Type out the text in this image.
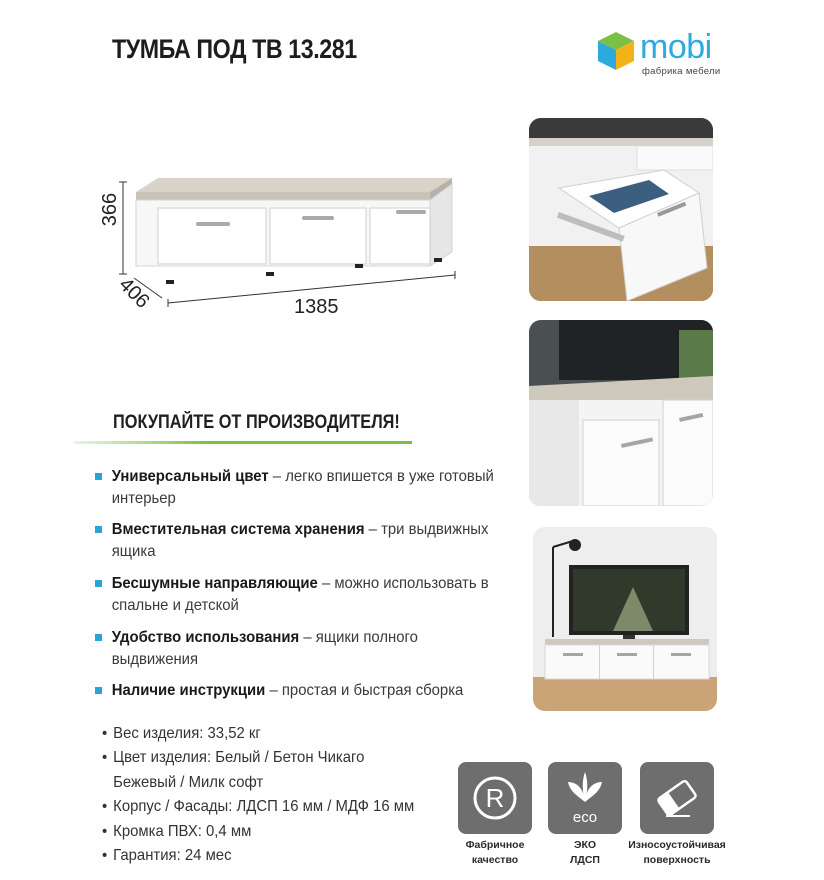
ТУМБА ПОД ТВ 13.281	mobi
фабрика мебели
366
406	1385
ПОКУПАЙТЕ ОТ ПРОИЗВОДИТЕЛЯ!
Универсальный цвет – легко впишется в уже готовый интерьер
Вместительная система хранения – три выдвижных ящика
Бесшумные направляющие – можно использовать в спальне и детской
Удобство использования – ящики полного выдвижения
Наличие инструкции – простая и быстрая сборка
• Вес изделия: 33,52 кг
• Цвет изделия: Белый / Бетон Чикаго
Бежевый / Милк софт
• Корпус / Фасады: ЛДСП 16 мм / МДФ 16 мм
• Кромка ПВХ: 0,4 мм
• Гарантия: 24 мес
R
Фабричное
качество
eco
ЭКО
ЛДСП
Износоустойчивая
поверхность
